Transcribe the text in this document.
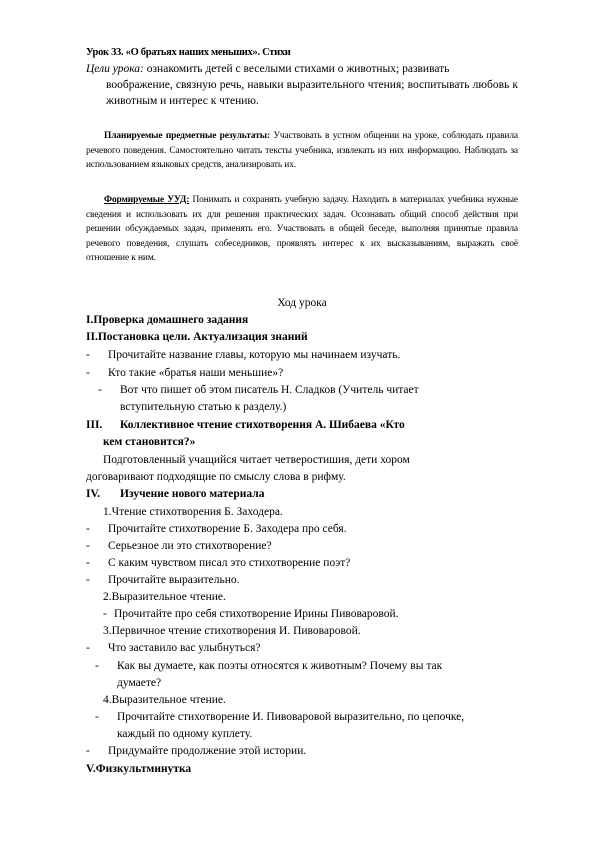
Урок 33. «О братьях наших меньших». Стихи
Цели урока: ознакомить детей с веселыми стихами о животных; развивать
воображение, связную речь, навыки выразительного чтения; воспитывать любовь к животным и интерес к чтению.
Планируемые предметные результаты: Участвовать в устном общении на уроке, соблюдать правила речевого поведения. Самостоятельно читать тексты учебника, извлекать из них информацию. Наблюдать за использованием языковых средств, анализировать их.
Формируемые УУД: Понимать и сохранять учебную задачу. Находить в материалах учебника нужные сведения и использовать их для решения практических задач. Осознавать общий способ действия при решении обсуждаемых задач, применять его. Участвовать в общей беседе, выполняя принятые правила речевого поведения, слушать собеседников, проявлять интерес к их высказываниям, выражать своё отношение к ним.
Ход урока
I.Проверка домашнего задания
II.Постановка цели. Актуализация знаний
- Прочитайте название главы, которую мы начинаем изучать.
- Кто такие «братья наши меньшие»?
- Вот что пишет об этом писатель Н. Сладков (Учитель читает
вступительную статью к разделу.)
III. Коллективное чтение стихотворения А. Шибаева «Кто
кем становится?»
Подготовленный учащийся читает четверостишия, дети хором
договаривают подходящие по смыслу слова в рифму.
IV. Изучение нового материала
1.Чтение стихотворения Б. Заходера.
- Прочитайте стихотворение Б. Заходера про себя.
- Серьезное ли это стихотворение?
- С каким чувством писал это стихотворение поэт?
- Прочитайте выразительно.
2.Выразительное чтение.
- Прочитайте про себя стихотворение Ирины Пивоваровой.
3.Первичное чтение стихотворения И. Пивоваровой.
- Что заставило вас улыбнуться?
- Как вы думаете, как поэты относятся к животным? Почему вы так
думаете?
4.Выразительное чтение.
- Прочитайте стихотворение И. Пивоваровой выразительно, по цепочке,
каждый по одному куплету.
- Придумайте продолжение этой истории.
V.Физкультминутка
